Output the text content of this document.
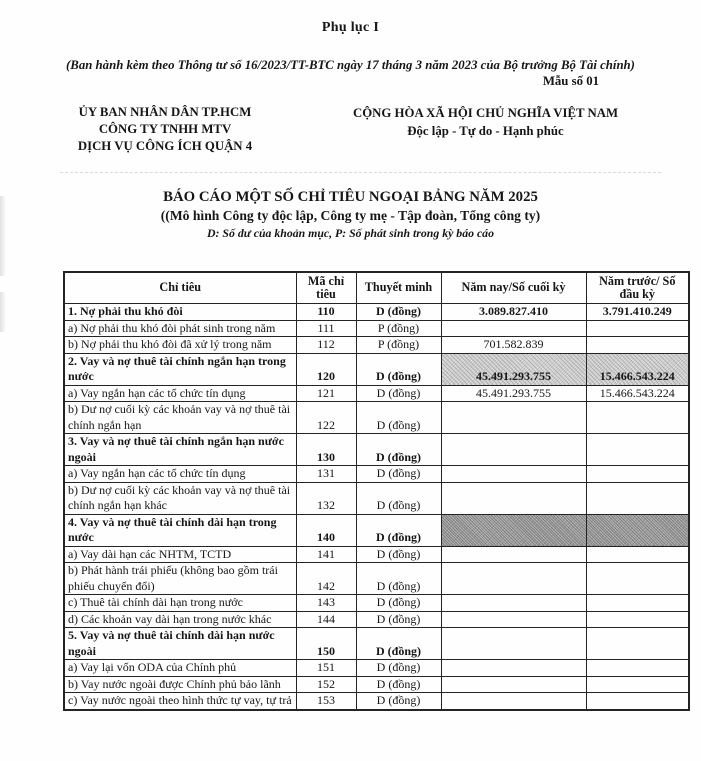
Phụ lục I
(Ban hành kèm theo Thông tư số 16/2023/TT-BTC ngày 17 tháng 3 năm 2023 của Bộ trưởng Bộ Tài chính)
Mẫu số 01
ỦY BAN NHÂN DÂN TP.HCM
CÔNG TY TNHH MTV
DỊCH VỤ CÔNG ÍCH QUẬN 4
CỘNG HÒA XÃ HỘI CHỦ NGHĨA VIỆT NAM
Độc lập - Tự do - Hạnh phúc
BÁO CÁO MỘT SỐ CHỈ TIÊU NGOẠI BẢNG NĂM 2025
((Mô hình Công ty độc lập, Công ty mẹ - Tập đoàn, Tổng công ty)
D: Số dư của khoản mục, P: Số phát sinh trong kỳ báo cáo
Chỉ tiêu	Mã chỉ tiêu	Thuyết minh	Năm nay/Số cuối kỳ	Năm trước/ Số đầu kỳ
1. Nợ phải thu khó đòi	110	D (đồng)	3.089.827.410	3.791.410.249
a) Nợ phải thu khó đòi phát sinh trong năm	111	P (đồng)		
b) Nợ phải thu khó đòi đã xử lý trong năm	112	P (đồng)	701.582.839	
2. Vay và nợ thuê tài chính ngắn hạn trong nước	120	D (đồng)	45.491.293.755	15.466.543.224
a) Vay ngắn hạn các tổ chức tín dụng	121	D (đồng)	45.491.293.755	15.466.543.224
b) Dư nợ cuối kỳ các khoản vay và nợ thuê tài chính ngắn hạn	122	D (đồng)		
3. Vay và nợ thuê tài chính ngắn hạn nước ngoài	130	D (đồng)		
a) Vay ngắn hạn các tổ chức tín dụng	131	D (đồng)		
b) Dư nợ cuối kỳ các khoản vay và nợ thuê tài chính ngắn hạn khác	132	D (đồng)		
4. Vay và nợ thuê tài chính dài hạn trong nước	140	D (đồng)		
a) Vay dài hạn các NHTM, TCTD	141	D (đồng)		
b) Phát hành trái phiếu (không bao gồm trái phiếu chuyển đổi)	142	D (đồng)		
c) Thuê tài chính dài hạn trong nước	143	D (đồng)		
d) Các khoản vay dài hạn trong nước khác	144	D (đồng)		
5. Vay và nợ thuê tài chính dài hạn nước ngoài	150	D (đồng)		
a) Vay lại vốn ODA của Chính phủ	151	D (đồng)		
b) Vay nước ngoài được Chính phủ bảo lãnh	152	D (đồng)		
c) Vay nước ngoài theo hình thức tự vay, tự trả	153	D (đồng)		
